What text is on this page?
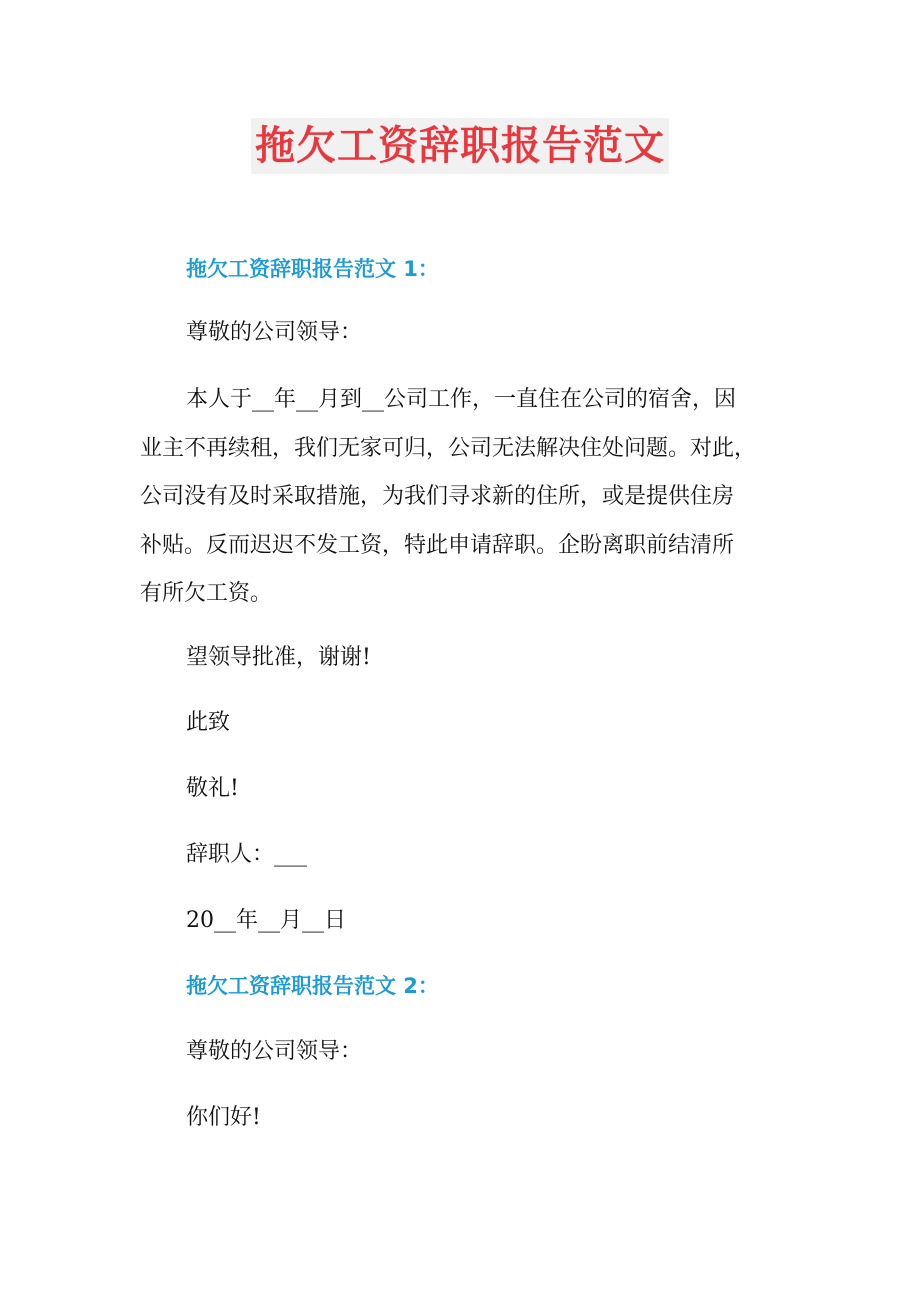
拖欠工资辞职报告范文
拖欠工资辞职报告范文 1：
尊敬的公司领导：
本人于__年__月到__公司工作，一直住在公司的宿舍，因
业主不再续租，我们无家可归，公司无法解决住处问题。对此，
公司没有及时采取措施，为我们寻求新的住所，或是提供住房
补贴。反而迟迟不发工资，特此申请辞职。企盼离职前结清所
有所欠工资。
望领导批准，谢谢!
此致
敬礼!
辞职人：___
20__年__月__日
拖欠工资辞职报告范文 2：
尊敬的公司领导：
你们好!
